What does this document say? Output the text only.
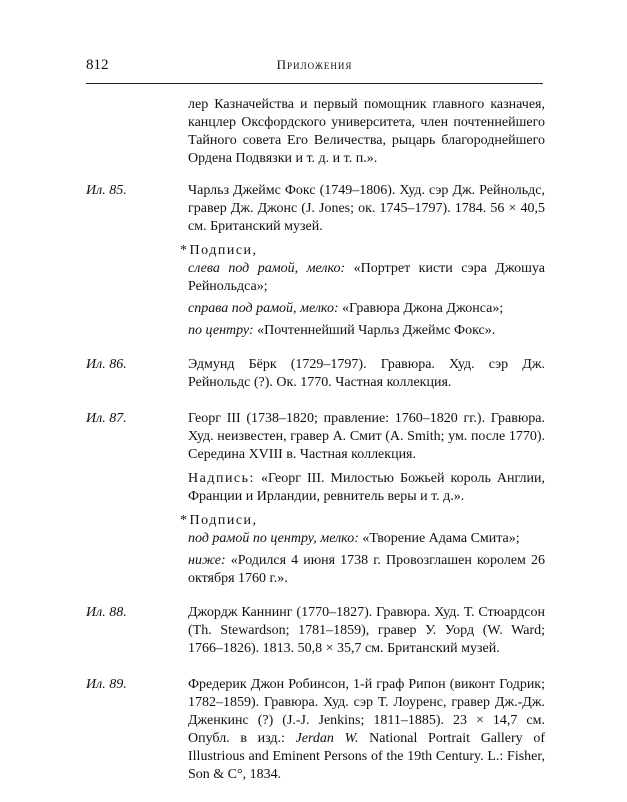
812	Приложения
лер Казначейства и первый помощник главного казначея, канцлер Оксфордского университета, член почтеннейшего Тайного совета Его Величества, рыцарь благороднейшего Ордена Подвязки и т. д. и т. п.».
Ил. 85.	Чарльз Джеймс Фокс (1749–1806). Худ. сэр Дж. Рейнольдс, гравер Дж. Джонс (J. Jones; ок. 1745–1797). 1784. 56 × 40,5 см. Британский музей.
*Подписи,
слева под рамой, мелко: «Портрет кисти сэра Джошуа Рейнольдса»;
справа под рамой, мелко: «Гравюра Джона Джонса»;
по центру: «Почтеннейший Чарльз Джеймс Фокс».
Ил. 86.	Эдмунд Бёрк (1729–1797). Гравюра. Худ. сэр Дж. Рейнольдс (?). Ок. 1770. Частная коллекция.
Ил. 87.	Георг III (1738–1820; правление: 1760–1820 гг.). Гравюра. Худ. неизвестен, гравер А. Смит (A. Smith; ум. после 1770). Середина XVIII в. Частная коллекция.
Надпись: «Георг III. Милостью Божьей король Англии, Франции и Ирландии, ревнитель веры и т. д.».
*Подписи,
под рамой по центру, мелко: «Творение Адама Смита»;
ниже: «Родился 4 июня 1738 г. Провозглашен королем 26 октября 1760 г.».
Ил. 88.	Джордж Каннинг (1770–1827). Гравюра. Худ. Т. Стюардсон (Th. Stewardson; 1781–1859), гравер У. Уорд (W. Ward; 1766–1826). 1813. 50,8 × 35,7 см. Британский музей.
Ил. 89.	Фредерик Джон Робинсон, 1-й граф Рипон (виконт Годрик; 1782–1859). Гравюра. Худ. сэр Т. Лоуренс, гравер Дж.-Дж. Дженкинс (?) (J.-J. Jenkins; 1811–1885). 23 × 14,7 см. Опубл. в изд.: Jerdan W. National Portrait Gallery of Illustrious and Eminent Persons of the 19th Century. L.: Fisher, Son & C°, 1834.
